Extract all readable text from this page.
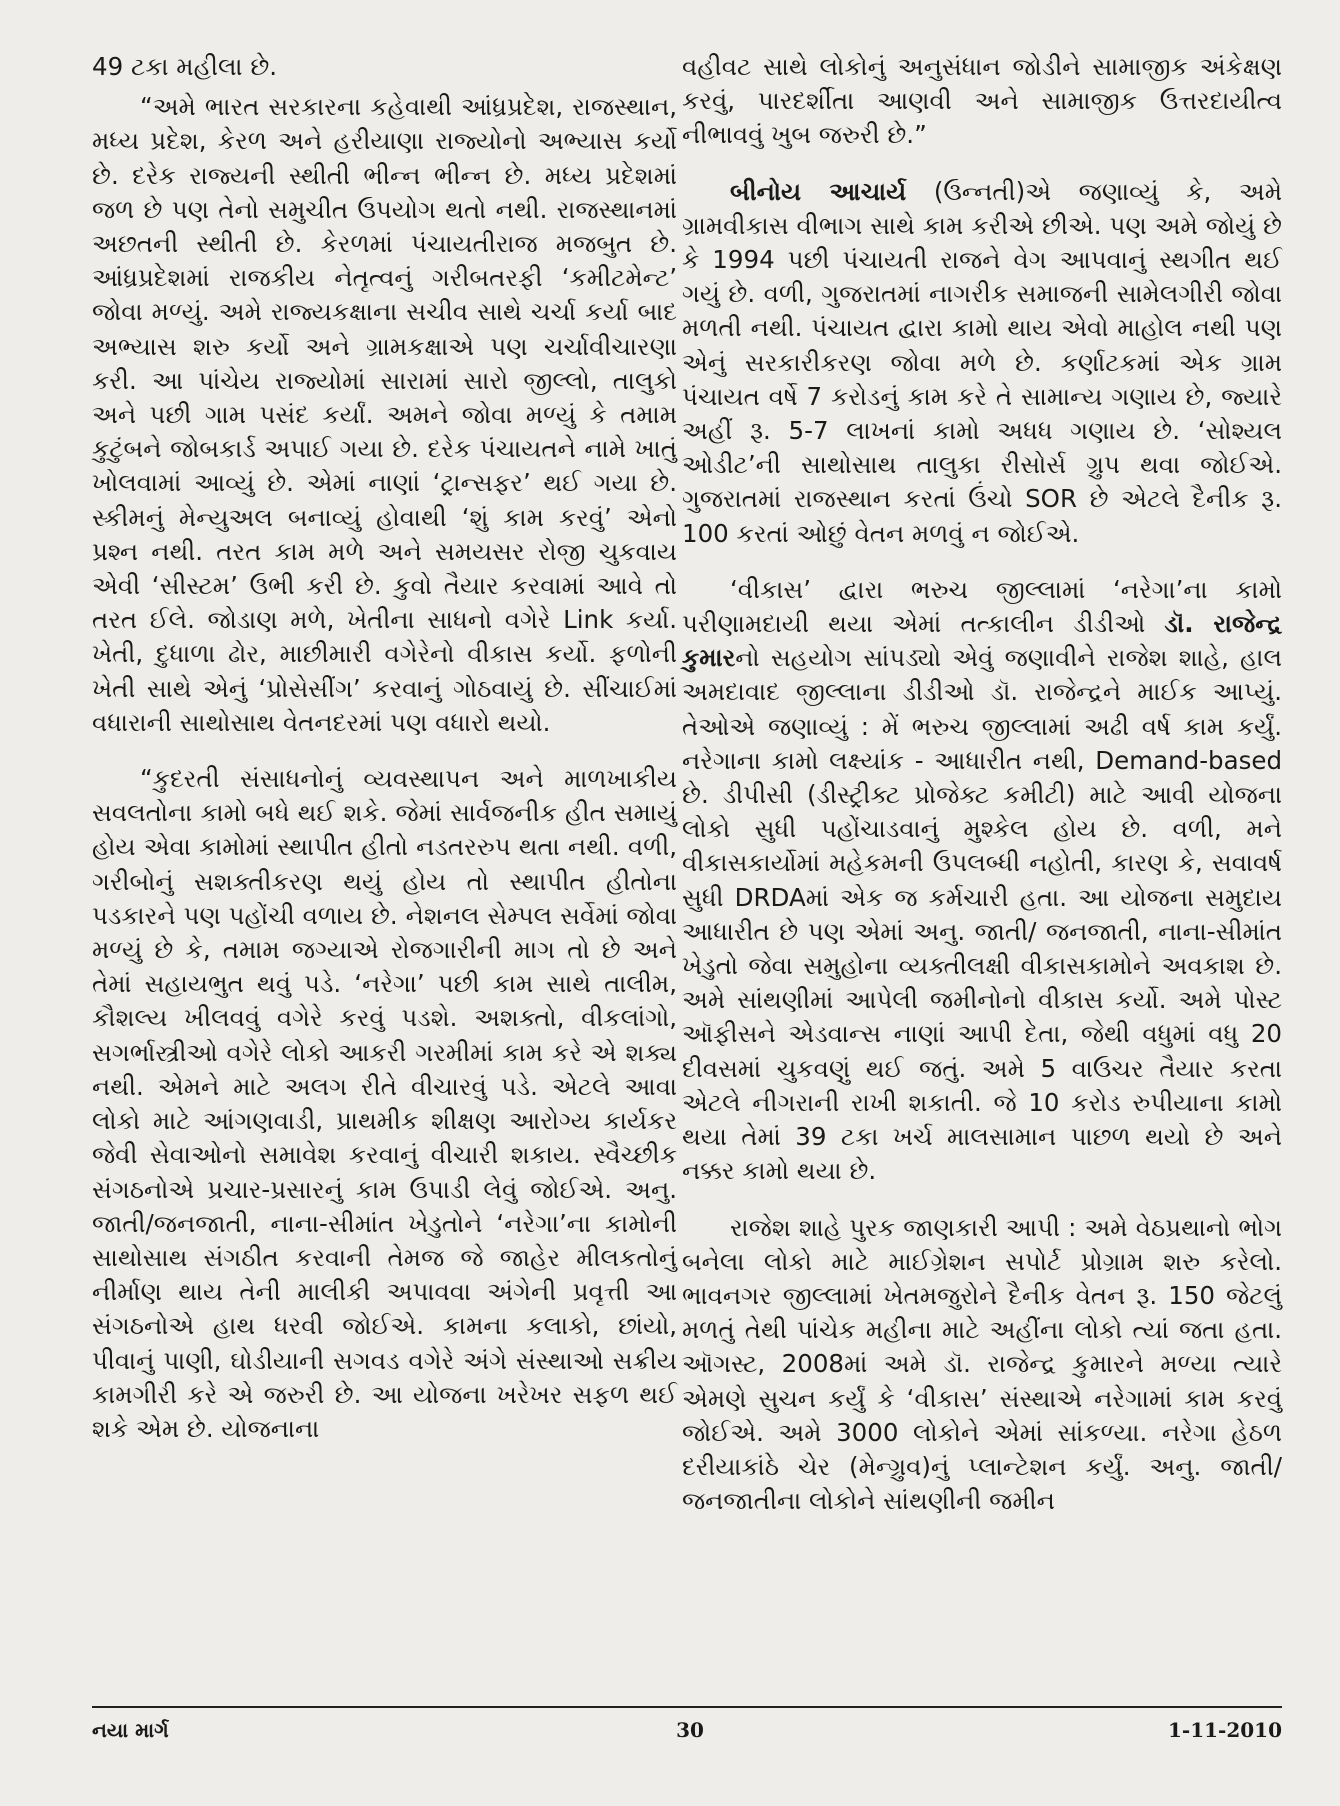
49 ટકા મહીલા છે.

“અમે ભારત સરકારના કહેવાથી આંધ્રપ્રદેશ, રાજસ્થાન, મધ્ય પ્રદેશ, કેરળ અને હરીયાણા રાજ્યોનો અભ્યાસ કર્યો છે. દરેક રાજ્યની સ્થીતી ભીન્ન ભીન્ન છે. મધ્ય પ્રદેશમાં જળ છે પણ તેનો સમુચીત ઉપયોગ થતો નથી. રાજસ્થાનમાં અછતની સ્થીતી છે. કેરળમાં પંચાયતીરાજ મજબુત છે. આંધ્રપ્રદેશમાં રાજકીય નેતૃત્વનું ગરીબતરફી ‘કમીટમેન્ટ’ જોવા મળ્યું. અમે રાજ્યકક્ષાના સચીવ સાથે ચર્ચા કર્યા બાદ અભ્યાસ શરુ કર્યો અને ગ્રામકક્ષાએ પણ ચર્ચાવીચારણા કરી. આ પાંચેય રાજ્યોમાં સારામાં સારો જીલ્લો, તાલુકો અને પછી ગામ પસંદ કર્યાં. અમને જોવા મળ્યું કે તમામ કુટુંબને જોબકાર્ડ અપાઈ ગયા છે. દરેક પંચાયતને નામે ખાતું ખોલવામાં આવ્યું છે. એમાં નાણાં ‘ટ્રાન્સફર’ થઈ ગયા છે. સ્કીમનું મેન્યુઅલ બનાવ્યું હોવાથી ‘શું કામ કરવું’ એનો પ્રશ્ન નથી. તરત કામ મળે અને સમયસર રોજી ચુકવાય એવી ‘સીસ્ટમ’ ઉભી કરી છે. કુવો તૈયાર કરવામાં આવે તો તરત ઈલે. જોડાણ મળે, ખેતીના સાધનો વગેરે Link કર્યા. ખેતી, દુધાળા ઢોર, માછીમારી વગેરેનો વીકાસ કર્યો. ફળોની ખેતી સાથે એનું ‘પ્રોસેસીંગ’ કરવાનું ગોઠવાયું છે. સીંચાઈમાં વધારાની સાથોસાથ વેતનદરમાં પણ વધારો થયો.

“કુદરતી સંસાધનોનું વ્યવસ્થાપન અને માળખાકીય સવલતોના કામો બધે થઈ શકે. જેમાં સાર્વજનીક હીત સમાયું હોય એવા કામોમાં સ્થાપીત હીતો નડતરરુપ થતા નથી. વળી, ગરીબોનું સશક્તીકરણ થયું હોય તો સ્થાપીત હીતોના પડકારને પણ પહોંચી વળાય છે. નેશનલ સેમ્પલ સર્વેમાં જોવા મળ્યું છે કે, તમામ જગ્યાએ રોજગારીની માગ તો છે અને તેમાં સહાયભુત થવું પડે. ‘નરેગા’ પછી કામ સાથે તાલીમ, કૌશલ્ય ખીલવવું વગેરે કરવું પડશે. અશક્તો, વીકલાંગો, સગર્ભાસ્ત્રીઓ વગેરે લોકો આકરી ગરમીમાં કામ કરે એ શક્ય નથી. એમને માટે અલગ રીતે વીચારવું પડે. એટલે આવા લોકો માટે આંગણવાડી, પ્રાથમીક શીક્ષણ આરોગ્ય કાર્યકર જેવી સેવાઓનો સમાવેશ કરવાનું વીચારી શકાય. સ્વૈચ્છીક સંગઠનોએ પ્રચાર-પ્રસારનું કામ ઉપાડી લેવું જોઈએ. અનુ. જાતી/જનજાતી, નાના-સીમાંત ખેડુતોને ‘નરેગા’ના કામોની સાથોસાથ સંગઠીત કરવાની તેમજ જે જાહેર મીલકતોનું નીર્માણ થાય તેની માલીકી અપાવવા અંગેની પ્રવૃત્તી આ સંગઠનોએ હાથ ધરવી જોઈએ. કામના કલાકો, છાંયો, પીવાનું પાણી, ઘોડીયાની સગવડ વગેરે અંગે સંસ્થાઓ સક્રીય કામગીરી કરે એ જરુરી છે. આ યોજના ખરેખર સફળ થઈ શકે એમ છે. યોજનાના

વહીવટ સાથે લોકોનું અનુસંધાન જોડીને સામાજીક અંકેક્ષણ કરવું, પારદર્શીતા આણવી અને સામાજીક ઉત્તરદાયીત્વ નીભાવવું ખુબ જરુરી છે.”

બીનોય આચાર્ય (ઉન્નતી)એ જણાવ્યું કે, અમે ગ્રામવીકાસ વીભાગ સાથે કામ કરીએ છીએ. પણ અમે જોયું છે કે 1994 પછી પંચાયતી રાજને વેગ આપવાનું સ્થગીત થઈ ગયું છે. વળી, ગુજરાતમાં નાગરીક સમાજની સામેલગીરી જોવા મળતી નથી. પંચાયત દ્વારા કામો થાય એવો માહોલ નથી પણ એનું સરકારીકરણ જોવા મળે છે. કર્ણાટકમાં એક ગ્રામ પંચાયત વર્ષે 7 કરોડનું કામ કરે તે સામાન્ય ગણાય છે, જ્યારે અહીં રૂ. 5-7 લાખનાં કામો અધધ ગણાય છે. ‘સોશ્યલ ઓડીટ’ની સાથોસાથ તાલુકા રીસોર્સ ગ્રુપ થવા જોઈએ. ગુજરાતમાં રાજસ્થાન કરતાં ઉંચો SOR છે એટલે દૈનીક રૂ. 100 કરતાં ઓછું વેતન મળવું ન જોઈએ.

‘વીકાસ’ દ્વારા ભરુચ જીલ્લામાં ‘નરેગા’ના કામો પરીણામદાયી થયા એમાં તત્કાલીન ડીડીઓ ડૉ. રાજેન્દ્ર કુમારનો સહયોગ સાંપડ્યો એવું જણાવીને રાજેશ શાહે, હાલ અમદાવાદ જીલ્લાના ડીડીઓ ડૉ. રાજેન્દ્રને માઈક આપ્યું. તેઓએ જણાવ્યું : મેં ભરુચ જીલ્લામાં અઢી વર્ષ કામ કર્યું. નરેગાના કામો લક્ષ્યાંક - આધારીત નથી, Demand-based છે. ડીપીસી (ડીસ્ટ્રીક્ટ પ્રોજેક્ટ કમીટી) માટે આવી યોજના લોકો સુધી પહોંચાડવાનું મુશ્કેલ હોય છે. વળી, મને વીકાસકાર્યોમાં મહેકમની ઉપલબ્ધી નહોતી, કારણ કે, સવાવર્ષ સુધી DRDAમાં એક જ કર્મચારી હતા. આ યોજના સમુદાય આધારીત છે પણ એમાં અનુ. જાતી/ જનજાતી, નાના-સીમાંત ખેડુતો જેવા સમુહોના વ્યક્તીલક્ષી વીકાસકામોને અવકાશ છે. અમે સાંથણીમાં આપેલી જમીનોનો વીકાસ કર્યો. અમે પોસ્ટ ઑફીસને એડવાન્સ નાણાં આપી દેતા, જેથી વધુમાં વધુ 20 દીવસમાં ચુકવણું થઈ જતું. અમે 5 વાઉચર તૈયાર કરતા એટલે નીગરાની રાખી શકાતી. જે 10 કરોડ રુપીયાના કામો થયા તેમાં 39 ટકા ખર્ચ માલસામાન પાછળ થયો છે અને નક્કર કામો થયા છે.

રાજેશ શાહે પુરક જાણકારી આપી : અમે વેઠપ્રથાનો ભોગ બનેલા લોકો માટે માઈગ્રેશન સપોર્ટ પ્રોગ્રામ શરુ કરેલો. ભાવનગર જીલ્લામાં ખેતમજુરોને દૈનીક વેતન રૂ. 150 જેટલું મળતું તેથી પાંચેક મહીના માટે અહીંના લોકો ત્યાં જતા હતા. ઑગસ્ટ, 2008માં અમે ડૉ. રાજેન્દ્ર કુમારને મળ્યા ત્યારે એમણે સુચન કર્યું કે ‘વીકાસ’ સંસ્થાએ નરેગામાં કામ કરવું જોઈએ. અમે 3000 લોકોને એમાં સાંકળ્યા. નરેગા હેઠળ દરીયાકાંઠે ચેર (મેન્ગ્રુવ)નું પ્લાન્ટેશન કર્યું. અનુ. જાતી/જનજાતીના લોકોને સાંથણીની જમીન

નયા માર્ગ	30	1-11-2010
